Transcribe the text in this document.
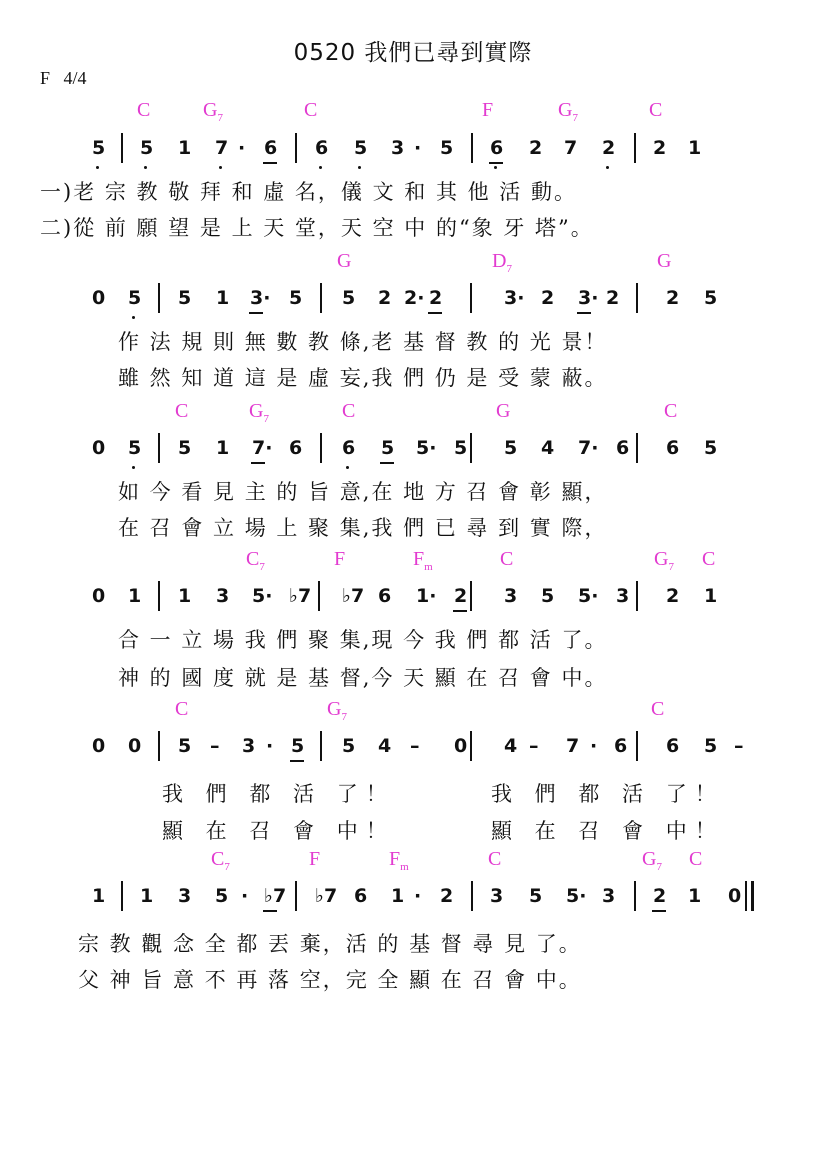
0520 我們已尋到實際
F   4/4
C	$G_7$	C	F	$G_7$	C
5 5 1 7 · 6 6 5 3 · 5 6 2 7 2 2 1
一)老 宗 教 敬 拜 和 虛 名，儀 文 和 其 他 活 動。
二)從 前 願 望 是 上 天 堂，天 空 中 的“象 牙 塔”。
G	$D_7$	G
0 5 5 1 3· 5 5 2 2· 2	3· 2 3· 2 2 5
作 法 規 則 無 數 教 條,老 基 督 教 的 光 景！
雖 然 知 道 這 是 虛 妄,我 們 仍 是 受 蒙 蔽。
C	$G_7$	C	G	C
0 5 5 1 7· 6 6 5 5· 5 5 4 7· 6 6 5
如 今 看 見 主 的 旨 意,在 地 方 召 會 彰 顯，
在 召 會 立 場 上 聚 集,我 們 已 尋 到 實 際，
$C_7$	F	$F_m$	C	$G_7$ C
0 1 1 3 5· ♭7 ♭7 6 1· 2 3 5 5· 3 2 1
合 一 立 場 我 們 聚 集,現 今 我 們 都 活 了。
神 的 國 度 就 是 基 督,今 天 顯 在 召 會 中。
C	$G_7$	C
0 0 5 – 3 · 5 5 4 – 0 4 – 7 · 6 6 5 –
我 們 都 活 了！
顯 在 召 會 中！
我 們 都 活 了！
顯 在 召 會 中！
$C_7$	F	$F_m$	C	$G_7$ C
1 1 3 5 · ♭7 ♭7 6 1 · 2 3 5 5· 3 2 1 0
宗 教 觀 念 全 都 丟 棄，活 的 基 督 尋 見 了。
父 神 旨 意 不 再 落 空，完 全 顯 在 召 會 中。
